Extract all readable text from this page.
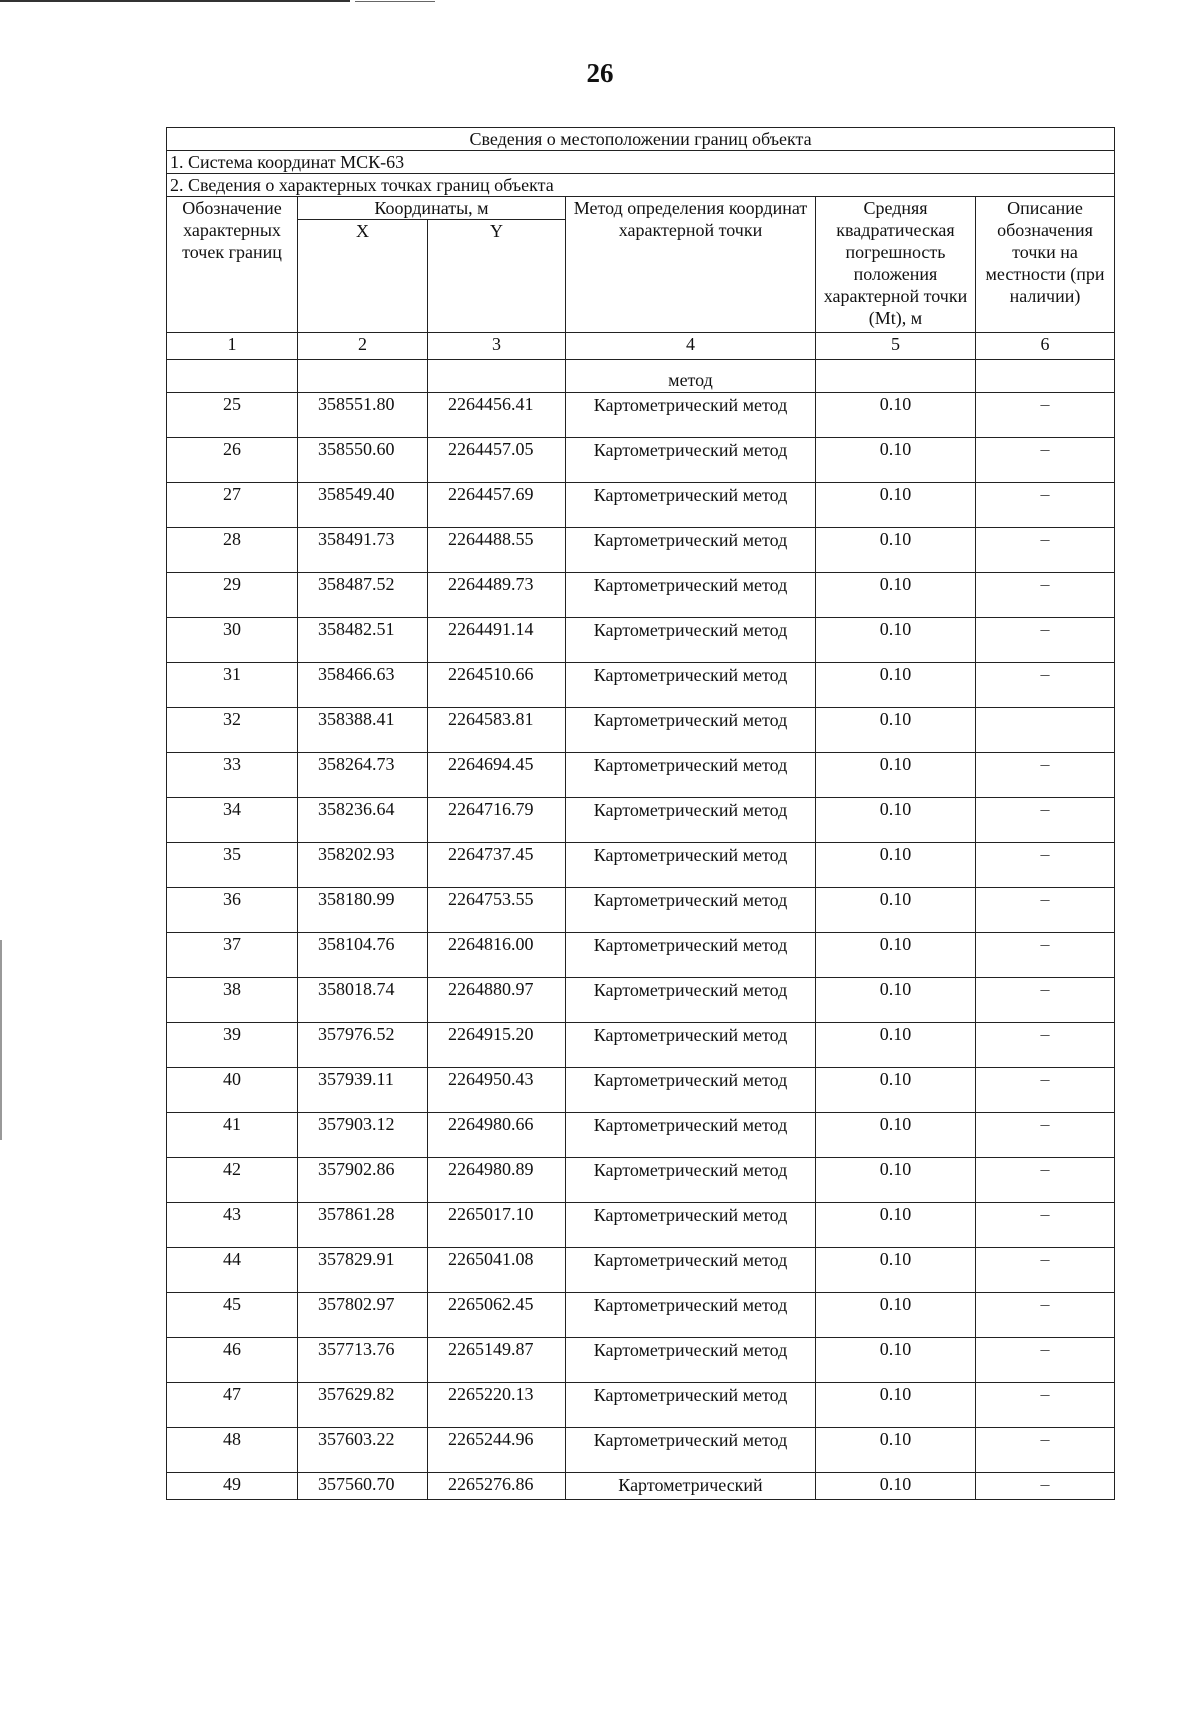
26
Сведения о местоположении границ объекта					
1. Система координат МСК-63					
2. Сведения о характерных точках границ объекта					
Обозначение характерных точек границ	Координаты, м		Метод определения координат характерной точки	Средняя квадратическая погрешность положения характерной точки (Mt), м	Описание обозначения точки на местности (при наличии)
	X	Y			
1	2	3	4	5	6
			метод		
25	358551.80	2264456.41	Картометрический метод	0.10	–
26	358550.60	2264457.05	Картометрический метод	0.10	–
27	358549.40	2264457.69	Картометрический метод	0.10	–
28	358491.73	2264488.55	Картометрический метод	0.10	–
29	358487.52	2264489.73	Картометрический метод	0.10	–
30	358482.51	2264491.14	Картометрический метод	0.10	–
31	358466.63	2264510.66	Картометрический метод	0.10	–
32	358388.41	2264583.81	Картометрический метод	0.10	
33	358264.73	2264694.45	Картометрический метод	0.10	–
34	358236.64	2264716.79	Картометрический метод	0.10	–
35	358202.93	2264737.45	Картометрический метод	0.10	–
36	358180.99	2264753.55	Картометрический метод	0.10	–
37	358104.76	2264816.00	Картометрический метод	0.10	–
38	358018.74	2264880.97	Картометрический метод	0.10	–
39	357976.52	2264915.20	Картометрический метод	0.10	–
40	357939.11	2264950.43	Картометрический метод	0.10	–
41	357903.12	2264980.66	Картометрический метод	0.10	–
42	357902.86	2264980.89	Картометрический метод	0.10	–
43	357861.28	2265017.10	Картометрический метод	0.10	–
44	357829.91	2265041.08	Картометрический метод	0.10	–
45	357802.97	2265062.45	Картометрический метод	0.10	–
46	357713.76	2265149.87	Картометрический метод	0.10	–
47	357629.82	2265220.13	Картометрический метод	0.10	–
48	357603.22	2265244.96	Картометрический метод	0.10	–
49	357560.70	2265276.86	Картометрический	0.10	–
